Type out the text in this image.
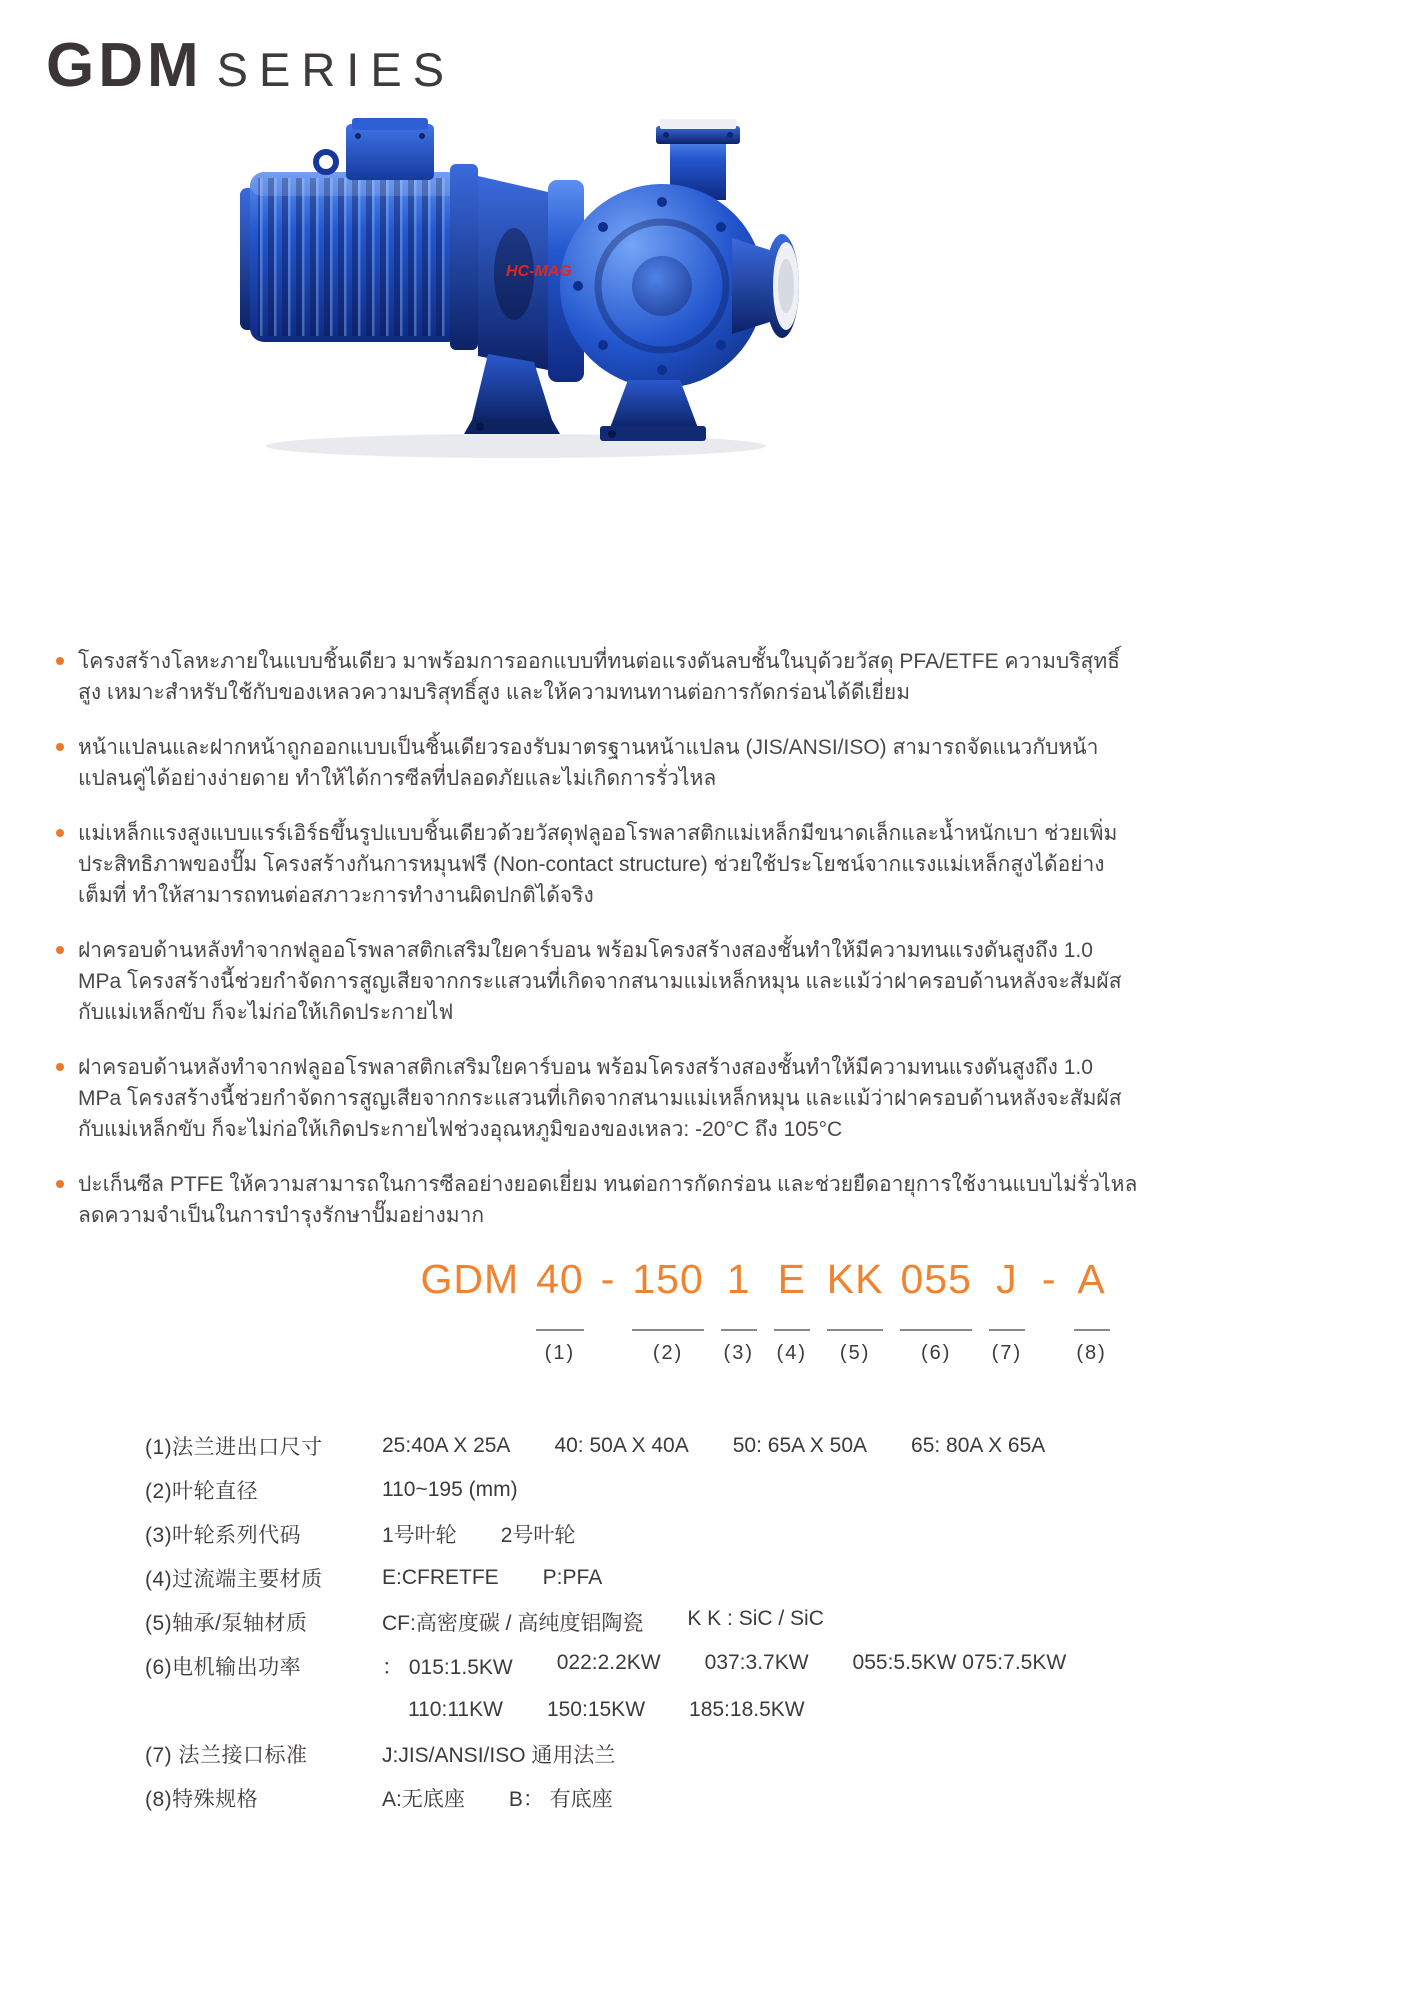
GDM SERIES
HC-MAG
โครงสร้างโลหะภายในแบบชิ้นเดียว มาพร้อมการออกแบบที่ทนต่อแรงดันลบชั้นในบุด้วยวัสดุ PFA/ETFE ความบริสุทธิ์สูง เหมาะสำหรับใช้กับของเหลวความบริสุทธิ์สูง และให้ความทนทานต่อการกัดกร่อนได้ดีเยี่ยม
หน้าแปลนและฝากหน้าถูกออกแบบเป็นชิ้นเดียวรองรับมาตรฐานหน้าแปลน (JIS/ANSI/ISO) สามารถจัดแนวกับหน้าแปลนคู่ได้อย่างง่ายดาย ทำให้ได้การซีลที่ปลอดภัยและไม่เกิดการรั่วไหล
แม่เหล็กแรงสูงแบบแรร์เอิร์ธขึ้นรูปแบบชิ้นเดียวด้วยวัสดุฟลูออโรพลาสติกแม่เหล็กมีขนาดเล็กและน้ำหนักเบา ช่วยเพิ่มประสิทธิภาพของปั๊ม โครงสร้างกันการหมุนฟรี (Non-contact structure) ช่วยใช้ประโยชน์จากแรงแม่เหล็กสูงได้อย่างเต็มที่ ทำให้สามารถทนต่อสภาวะการทำงานผิดปกติได้จริง
ฝาครอบด้านหลังทำจากฟลูออโรพลาสติกเสริมใยคาร์บอน พร้อมโครงสร้างสองชั้นทำให้มีความทนแรงดันสูงถึง 1.0 MPa โครงสร้างนี้ช่วยกำจัดการสูญเสียจากกระแสวนที่เกิดจากสนามแม่เหล็กหมุน และแม้ว่าฝาครอบด้านหลังจะสัมผัสกับแม่เหล็กขับ ก็จะไม่ก่อให้เกิดประกายไฟ
ฝาครอบด้านหลังทำจากฟลูออโรพลาสติกเสริมใยคาร์บอน พร้อมโครงสร้างสองชั้นทำให้มีความทนแรงดันสูงถึง 1.0 MPa โครงสร้างนี้ช่วยกำจัดการสูญเสียจากกระแสวนที่เกิดจากสนามแม่เหล็กหมุน และแม้ว่าฝาครอบด้านหลังจะสัมผัสกับแม่เหล็กขับ ก็จะไม่ก่อให้เกิดประกายไฟช่วงอุณหภูมิของของเหลว: -20°C ถึง 105°C
ปะเก็นซีล PTFE ให้ความสามารถในการซีลอย่างยอดเยี่ยม ทนต่อการกัดกร่อน และช่วยยืดอายุการใช้งานแบบไม่รั่วไหล ลดความจำเป็นในการบำรุงรักษาปั๊มอย่างมาก
GDM 40
(1)
- 150
(2)
1
(3)
E
(4)
KK
(5)
055
(6)
J
(7)
- A
(8)
(1)法兰进出口尺寸	25:40A X 25A 40: 50A X 40A 50: 65A X 50A 65: 80A X 65A
(2)叶轮直径	110~195 (mm)
(3)叶轮系列代码	1号叶轮 2号叶轮
(4)过流端主要材质	E:CFRETFE P:PFA
(5)轴承/泵轴材质	CF:高密度碳 / 高纯度铝陶瓷 K K : SiC / SiC
(6)电机输出功率	： 015:1.5KW 022:2.2KW 037:3.7KW 055:5.5KW 075:7.5KW
110:11KW 150:15KW 185:18.5KW
(7) 法兰接口标准	J:JIS/ANSI/ISO 通用法兰
(8)特殊规格	A:无底座 B： 有底座
